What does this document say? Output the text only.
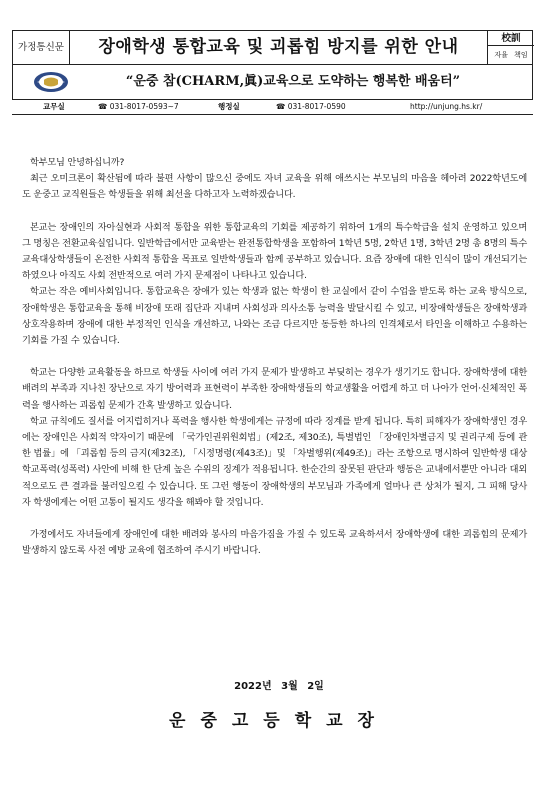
가정통신문	장애학생 통합교육 및 괴롭힘 방지를 위한 안내	校訓
자율 책임
“운중 참(CHARM,眞)교육으로 도약하는 행복한 배움터”
교무실	☎ 031-8017-0593~7	행정실	☎ 031-8017-0590	http://unjung.hs.kr/

학부모님 안녕하십니까?

최근 오미크론이 확산됨에 따라 불편 사항이 많으신 중에도 자녀 교육을 위해 애쓰시는 부모님의 마음을 헤아려 2022학년도에도 운중고 교직원들은 학생들을 위해 최선을 다하고자 노력하겠습니다.

본교는 장애인의 자아실현과 사회적 통합을 위한 통합교육의 기회를 제공하기 위하여 1개의 특수학급을 설치 운영하고 있으며 그 명칭은 전환교육실입니다. 일반학급에서만 교육받는 완전통합학생을 포함하여 1학년 5명, 2학년 1명, 3학년 2명 총 8명의 특수교육대상학생들이 온전한 사회적 통합을 목표로 일반학생들과 함께 공부하고 있습니다. 요즘 장애에 대한 인식이 많이 개선되기는 하였으나 아직도 사회 전반적으로 여러 가지 문제점이 나타나고 있습니다.

학교는 작은 예비사회입니다. 통합교육은 장애가 있는 학생과 없는 학생이 한 교실에서 같이 수업을 받도록 하는 교육 방식으로, 장애학생은 통합교육을 통해 비장애 또래 집단과 지내며 사회성과 의사소통 능력을 발달시킬 수 있고, 비장애학생들은 장애학생과 상호작용하며 장애에 대한 부정적인 인식을 개선하고, 나와는 조금 다르지만 동등한 하나의 인격체로서 타인을 이해하고 수용하는 기회를 가질 수 있습니다.

학교는 다양한 교육활동을 하므로 학생들 사이에 여러 가지 문제가 발생하고 부딪히는 경우가 생기기도 합니다. 장애학생에 대한 배려의 부족과 지나친 장난으로 자기 방어력과 표현력이 부족한 장애학생들의 학교생활을 어렵게 하고 더 나아가 언어·신체적인 폭력을 행사하는 괴롭힘 문제가 간혹 발생하고 있습니다.

학교 규칙에도 질서를 어지럽히거나 폭력을 행사한 학생에게는 규정에 따라 징계를 받게 됩니다. 특히 피해자가 장애학생인 경우에는 장애인은 사회적 약자이기 때문에 「국가인권위원회법」(제2조, 제30조), 특별법인 「장애인차별금지 및 권리구제 등에 관한 법률」에 「괴롭힘 등의 금지(제32조), 「시정명령(제43조)」및 「차별행위(제49조)」라는 조항으로 명시하여 일반학생 대상 학교폭력(성폭력) 사안에 비해 한 단계 높은 수위의 징계가 적용됩니다. 한순간의 잘못된 판단과 행동은 교내에서뿐만 아니라 대외적으로도 큰 결과를 불러일으킬 수 있습니다. 또 그런 행동이 장애학생의 부모님과 가족에게 얼마나 큰 상처가 될지, 그 피해 당사자 학생에게는 어떤 고통이 될지도 생각을 해봐야 할 것입니다.

가정에서도 자녀들에게 장애인에 대한 배려와 봉사의 마음가짐을 가질 수 있도록 교육하셔서 장애학생에 대한 괴롭힘의 문제가 발생하지 않도록 사전 예방 교육에 협조하여 주시기 바랍니다.

2022년 3월 2일
운중고등학교장
